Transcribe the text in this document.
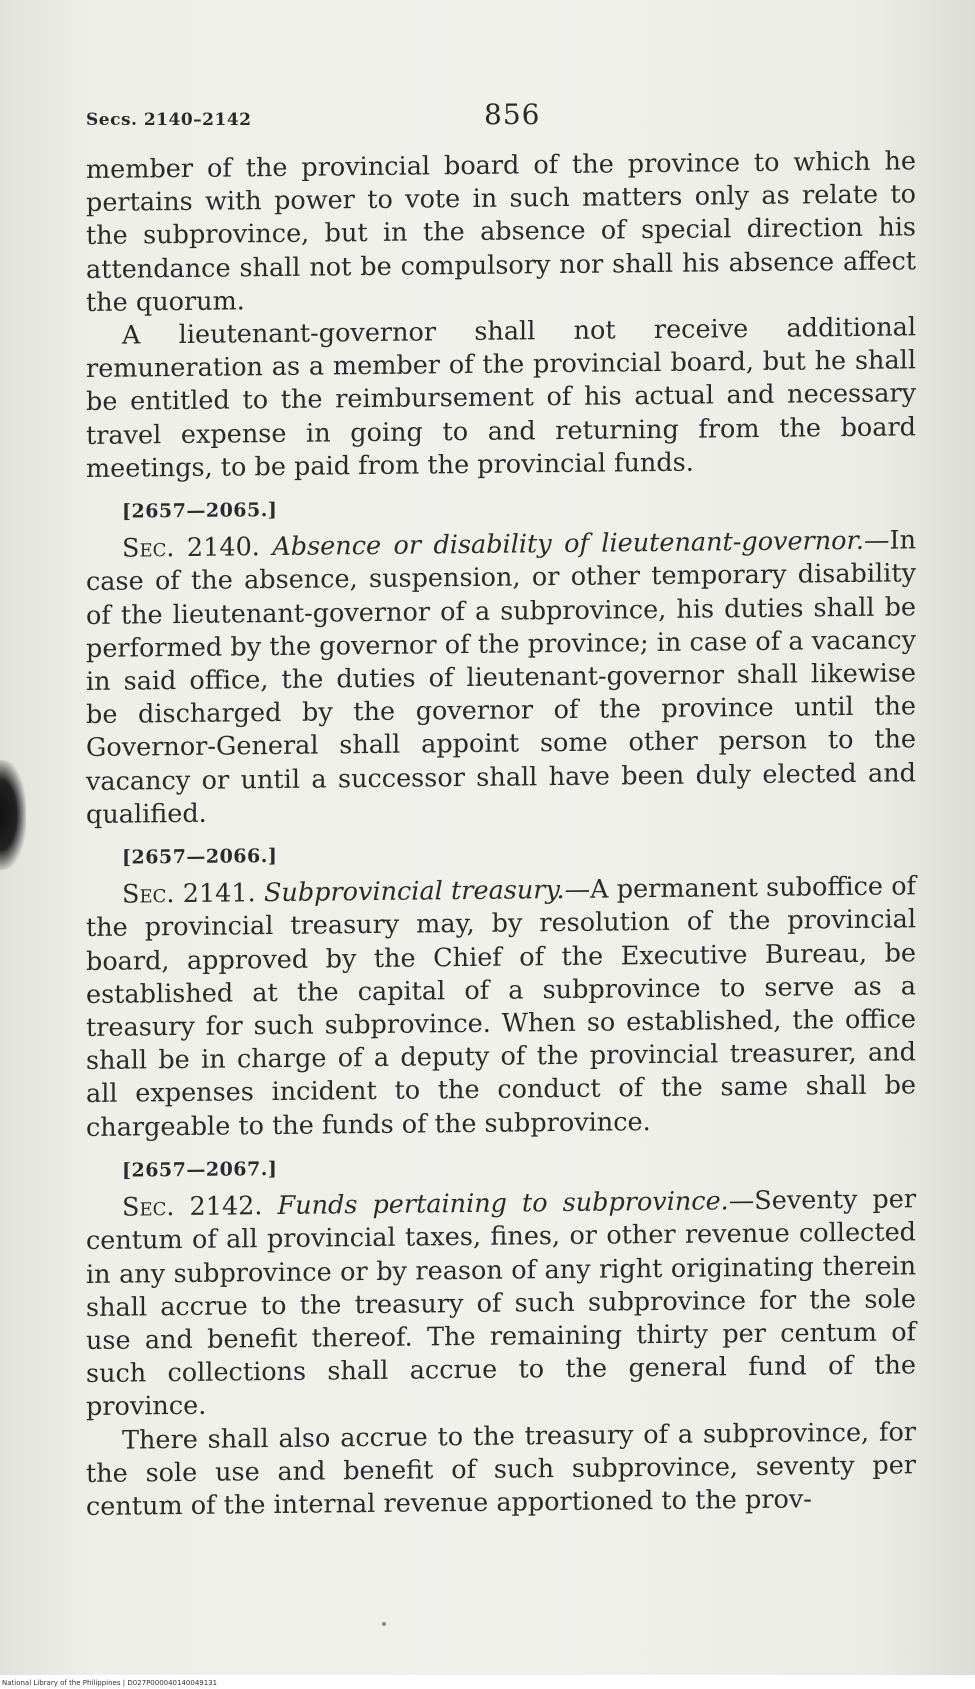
Secs. 2140–2142	856

member of the provincial board of the province to which he pertains with power to vote in such matters only as relate to the subprovince, but in the absence of special direction his attendance shall not be compulsory nor shall his absence affect the quorum.

A lieutenant-governor shall not receive additional remuneration as a member of the provincial board, but he shall be entitled to the reimbursement of his actual and necessary travel expense in going to and returning from the board meetings, to be paid from the provincial funds.

[2657—2065.]

Sec. 2140. Absence or disability of lieutenant-governor.—In case of the absence, suspension, or other temporary disability of the lieutenant-governor of a subprovince, his duties shall be performed by the governor of the province; in case of a vacancy in said office, the duties of lieutenant-governor shall likewise be discharged by the governor of the province until the Governor-General shall appoint some other person to the vacancy or until a successor shall have been duly elected and qualified.

[2657—2066.]

Sec. 2141. Subprovincial treasury.—A permanent suboffice of the provincial treasury may, by resolution of the provincial board, approved by the Chief of the Executive Bureau, be established at the capital of a subprovince to serve as a treasury for such subprovince. When so established, the office shall be in charge of a deputy of the provincial treasurer, and all expenses incident to the conduct of the same shall be chargeable to the funds of the subprovince.

[2657—2067.]

Sec. 2142. Funds pertaining to subprovince.—Seventy per centum of all provincial taxes, fines, or other revenue collected in any subprovince or by reason of any right originating therein shall accrue to the treasury of such subprovince for the sole use and benefit thereof. The remaining thirty per centum of such collections shall accrue to the general fund of the province.

There shall also accrue to the treasury of a subprovince, for the sole use and benefit of such subprovince, seventy per centum of the internal revenue apportioned to the prov-

National Library of the Philippines | D027P000040140049131
